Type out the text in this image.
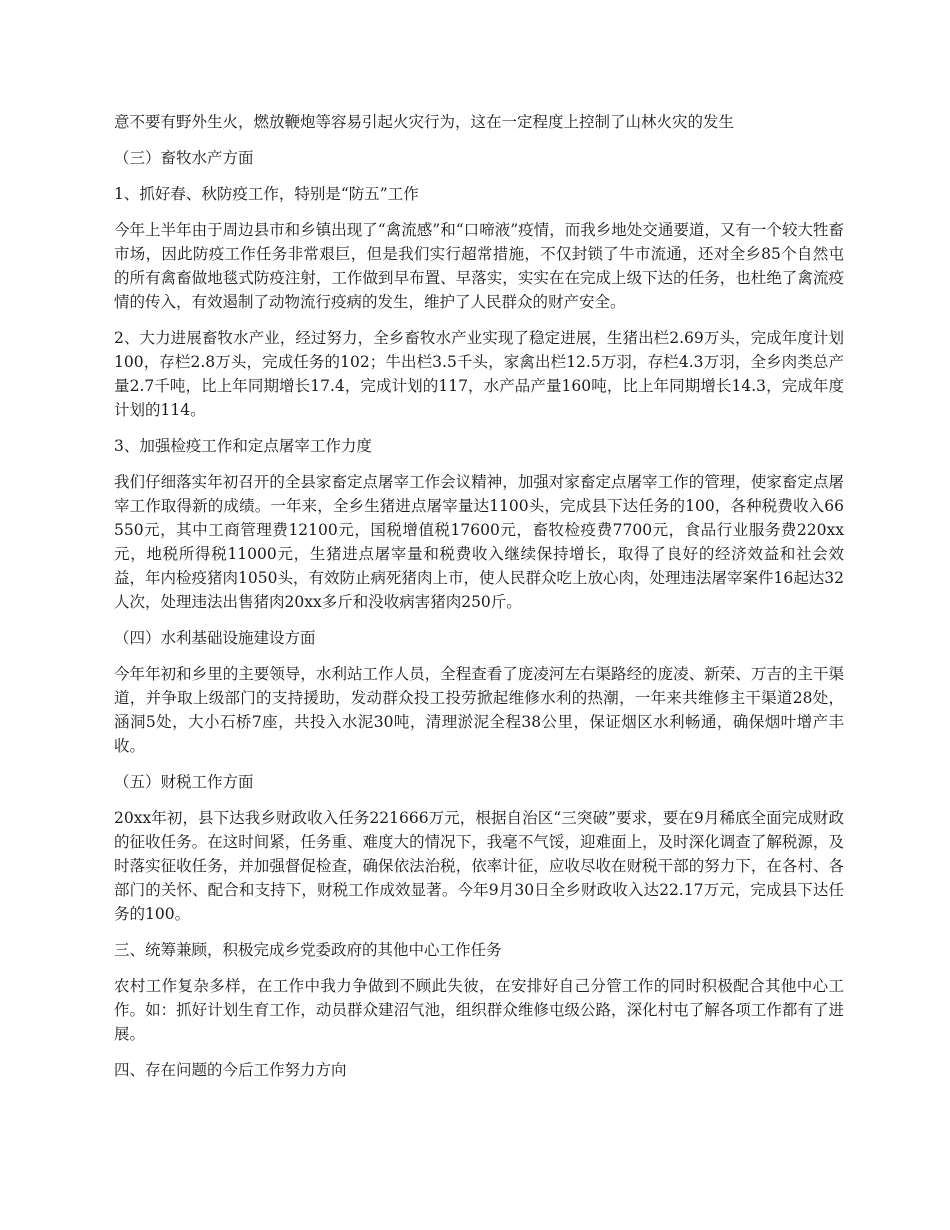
意不要有野外生火，燃放鞭炮等容易引起火灾行为，这在一定程度上控制了山林火灾的发生

（三）畜牧水产方面

1、抓好春、秋防疫工作，特别是“防五”工作

今年上半年由于周边县市和乡镇出现了“禽流感”和“口啼液”疫情，而我乡地处交通要道，又有一个较大牲畜市场，因此防疫工作任务非常艰巨，但是我们实行超常措施，不仅封锁了牛市流通，还对全乡85个自然屯的所有禽畜做地毯式防疫注射，工作做到早布置、早落实，实实在在完成上级下达的任务，也杜绝了禽流疫情的传入，有效遏制了动物流行疫病的发生，维护了人民群众的财产安全。

2、大力进展畜牧水产业，经过努力，全乡畜牧水产业实现了稳定进展，生猪出栏2.69万头，完成年度计划100，存栏2.8万头，完成任务的102；牛出栏3.5千头，家禽出栏12.5万羽，存栏4.3万羽，全乡肉类总产量2.7千吨，比上年同期增长17.4，完成计划的117，水产品产量160吨，比上年同期增长14.3，完成年度计划的114。

3、加强检疫工作和定点屠宰工作力度

我们仔细落实年初召开的全县家畜定点屠宰工作会议精神，加强对家畜定点屠宰工作的管理，使家畜定点屠宰工作取得新的成绩。一年来，全乡生猪进点屠宰量达1100头，完成县下达任务的100，各种税费收入66550元，其中工商管理费12100元，国税增值税17600元，畜牧检疫费7700元，食品行业服务费220xx元，地税所得税11000元，生猪进点屠宰量和税费收入继续保持增长，取得了良好的经济效益和社会效益，年内检疫猪肉1050头，有效防止病死猪肉上市，使人民群众吃上放心肉，处理违法屠宰案件16起达32人次，处理违法出售猪肉20xx多斤和没收病害猪肉250斤。

（四）水利基础设施建设方面

今年年初和乡里的主要领导，水利站工作人员，全程查看了庞凌河左右渠路经的庞凌、新荣、万吉的主干渠道，并争取上级部门的支持援助，发动群众投工投劳掀起维修水利的热潮，一年来共维修主干渠道28处，涵洞5处，大小石桥7座，共投入水泥30吨，清理淤泥全程38公里，保证烟区水利畅通，确保烟叶增产丰收。

（五）财税工作方面

20xx年初，县下达我乡财政收入任务221666万元，根据自治区“三突破”要求，要在9月稀底全面完成财政的征收任务。在这时间紧，任务重、难度大的情况下，我毫不气馁，迎难面上，及时深化调查了解税源，及时落实征收任务，并加强督促检查，确保依法治税，依率计征，应收尽收在财税干部的努力下，在各村、各部门的关怀、配合和支持下，财税工作成效显著。今年9月30日全乡财政收入达22.17万元，完成县下达任务的100。

三、统筹兼顾，积极完成乡党委政府的其他中心工作任务

农村工作复杂多样，在工作中我力争做到不顾此失彼，在安排好自己分管工作的同时积极配合其他中心工作。如：抓好计划生育工作，动员群众建沼气池，组织群众维修屯级公路，深化村屯了解各项工作都有了进展。

四、存在问题的今后工作努力方向
